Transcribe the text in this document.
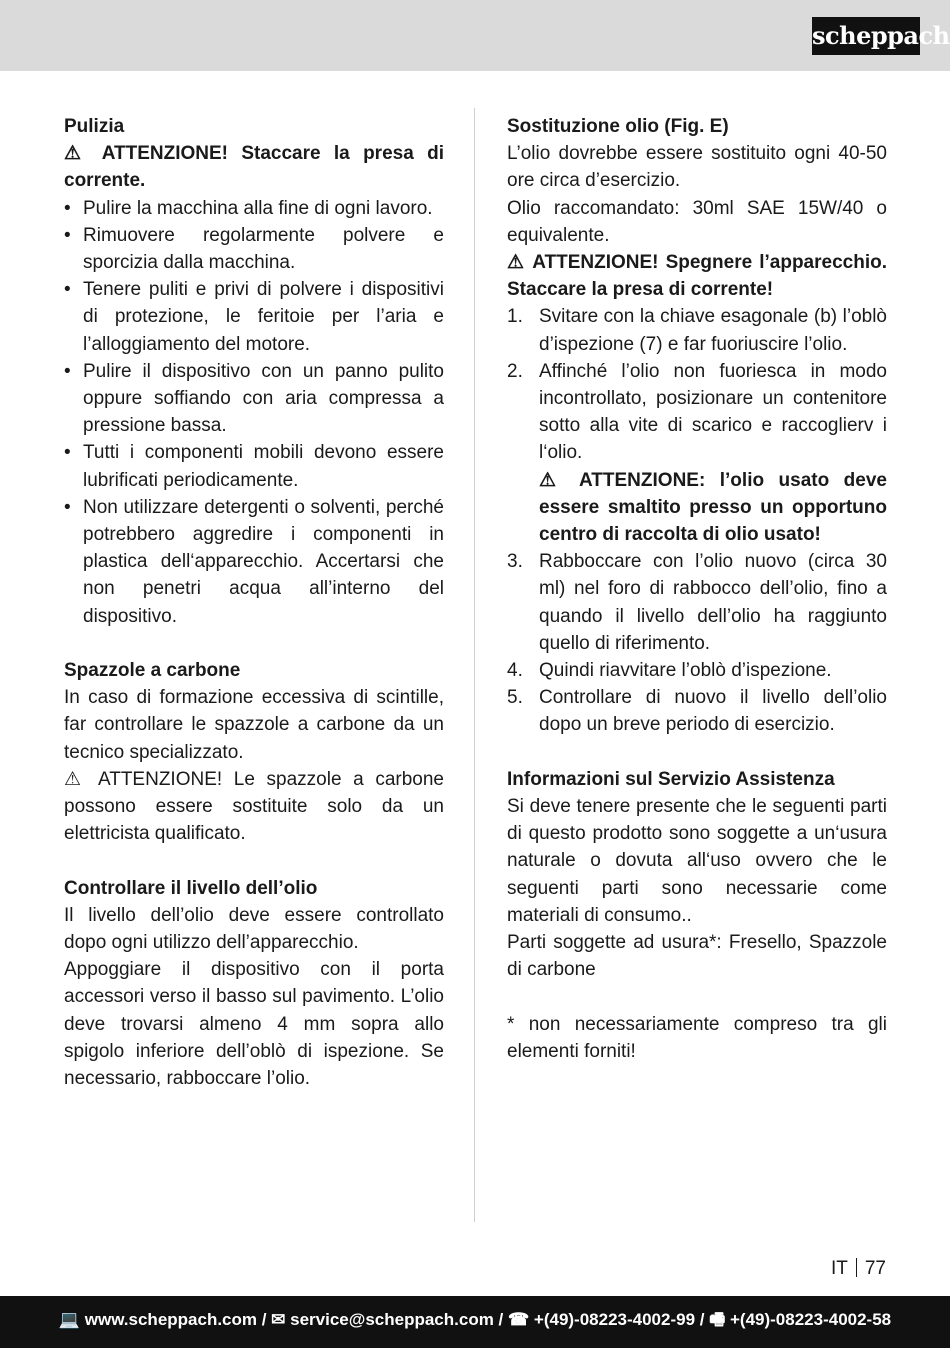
scheppach

Pulizia

⚠ ATTENZIONE! Staccare la presa di corrente.

• Pulire la macchina alla fine di ogni lavoro.
• Rimuovere regolarmente polvere e sporcizia dalla macchina.
• Tenere puliti e privi di polvere i dispositivi di protezione, le feritoie per l’aria e l’alloggiamento del motore.
• Pulire il dispositivo con un panno pulito oppure soffiando con aria compressa a pressione bassa.
• Tutti i componenti mobili devono essere lubrificati periodicamente.
• Non utilizzare detergenti o solventi, perché potrebbero aggredire i componenti in plastica dell‘apparecchio. Accertarsi che non penetri acqua all’interno del dispositivo.

Spazzole a carbone

In caso di formazione eccessiva di scintille, far controllare le spazzole a carbone da un tecnico specializzato.

⚠ ATTENZIONE! Le spazzole a carbone possono essere sostituite solo da un elettricista qualificato.

Controllare il livello dell’olio

Il livello dell’olio deve essere controllato dopo ogni utilizzo dell’apparecchio.

Appoggiare il dispositivo con il porta accessori verso il basso sul pavimento. L’olio deve trovarsi almeno 4 mm sopra allo spigolo inferiore dell’oblò di ispezione. Se necessario, rabboccare l’olio.

Sostituzione olio (Fig. E)

L’olio dovrebbe essere sostituito ogni 40-50 ore circa d’esercizio.

Olio raccomandato: 30ml SAE 15W/40 o equivalente.

⚠ ATTENZIONE! Spegnere l’apparecchio. Staccare la presa di corrente!

1. Svitare con la chiave esagonale (b) l’oblò d’ispezione (7) e far fuoriuscire l’olio.
2. Affinché l’olio non fuoriesca in modo incontrollato, posizionare un contenitore sotto alla vite di scarico e raccoglierv i l‘olio.
⚠ ATTENZIONE: l’olio usato deve essere smaltito presso un opportuno centro di raccolta di olio usato!
3. Rabboccare con l’olio nuovo (circa 30 ml) nel foro di rabbocco dell’olio, fino a quando il livello dell’olio ha raggiunto quello di riferimento.
4. Quindi riavvitare l’oblò d’ispezione.
5. Controllare di nuovo il livello dell’olio dopo un breve periodo di esercizio.

Informazioni sul Servizio Assistenza

Si deve tenere presente che le seguenti parti di questo prodotto sono soggette a un‘usura naturale o dovuta all‘uso ovvero che le seguenti parti sono necessarie come materiali di consumo..

Parti soggette ad usura*: Fresello, Spazzole di carbone

* non necessariamente compreso tra gli elementi forniti!

IT 77
💻 www.scheppach.com / ✉ service@scheppach.com / ☎ +(49)-08223-4002-99 / 🖷 +(49)-08223-4002-58
